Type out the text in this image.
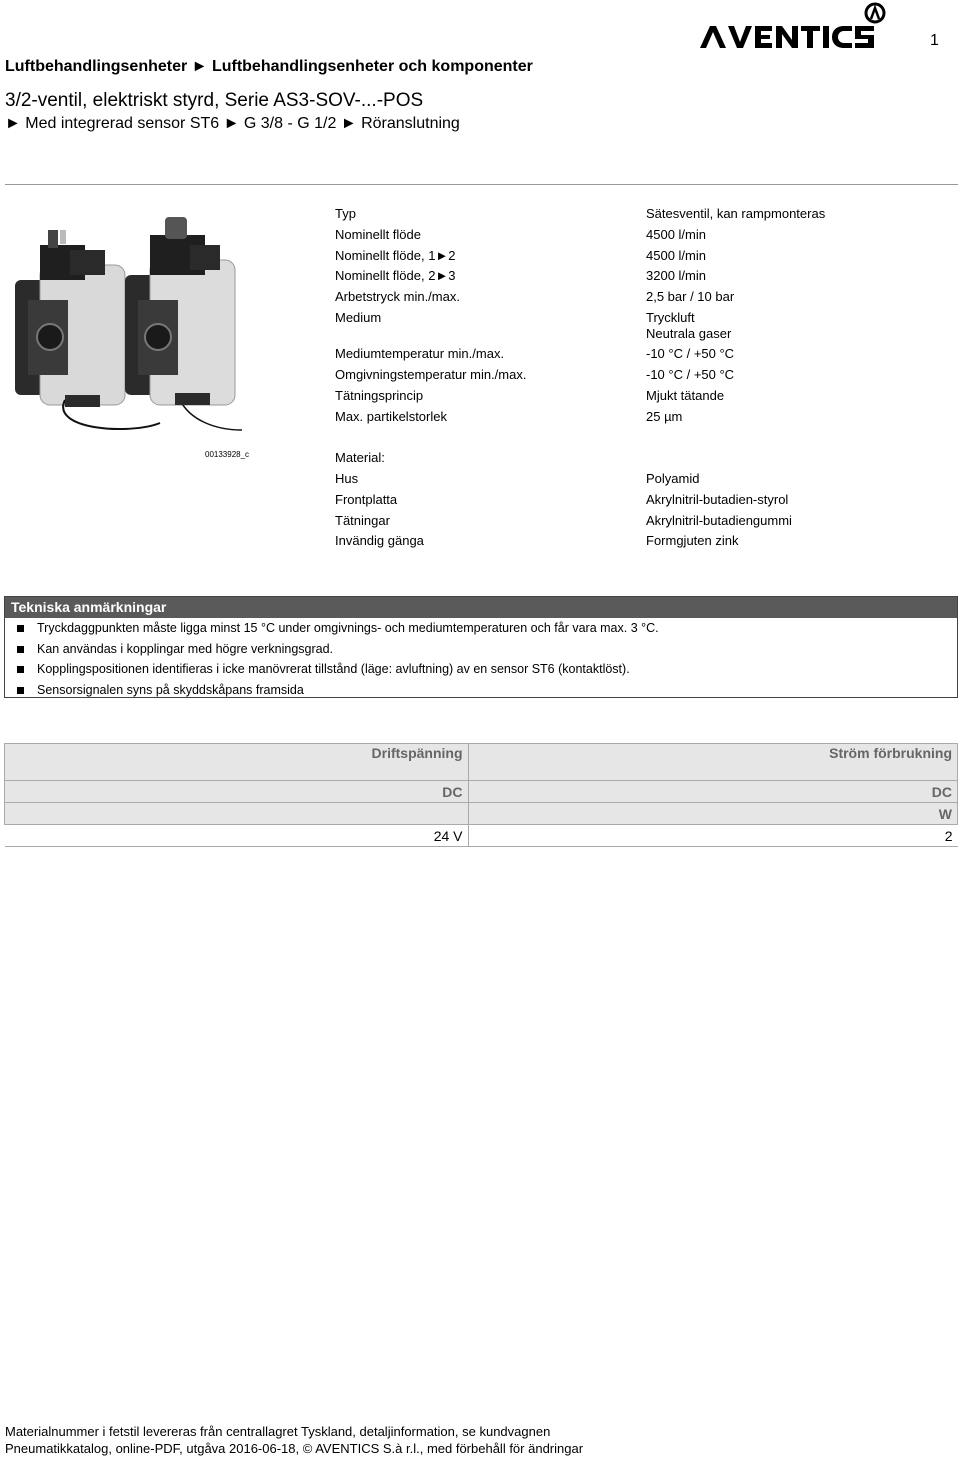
Luftbehandlingsenheter ► Luftbehandlingsenheter och komponenter
1
3/2-ventil, elektriskt styrd, Serie AS3-SOV-...-POS
► Med integrerad sensor ST6 ► G 3/8 - G 1/2 ► Röranslutning
00133928_c
Typ	Sätesventil, kan rampmonteras
Nominellt flöde	4500 l/min
Nominellt flöde, 1►2	4500 l/min
Nominellt flöde, 2►3	3200 l/min
Arbetstryck min./max.	2,5 bar / 10 bar
Medium	Tryckluft
Neutrala gaser
Mediumtemperatur min./max.	-10 °C / +50 °C
Omgivningstemperatur min./max.	-10 °C / +50 °C
Tätningsprincip	Mjukt tätande
Max. partikelstorlek	25 µm
Material:
Hus	Polyamid
Frontplatta	Akrylnitril-butadien-styrol
Tätningar	Akrylnitril-butadiengummi
Invändig gänga	Formgjuten zink
Tekniska anmärkningar
Tryckdaggpunkten måste ligga minst 15 °C under omgivnings- och mediumtemperaturen och får vara max. 3 °C.
Kan användas i kopplingar med högre verkningsgrad.
Kopplingspositionen identifieras i icke manövrerat tillstånd (läge: avluftning) av en sensor ST6 (kontaktlöst).
Sensorsignalen syns på skyddskåpans framsida
Driftspänning	Ström förbrukning
DC	DC
	W
24 V	2
Materialnummer i fetstil levereras från centrallagret Tyskland, detaljinformation, se kundvagnen
Pneumatikkatalog, online-PDF, utgåva 2016-06-18, © AVENTICS S.à r.l., med förbehåll för ändringar
